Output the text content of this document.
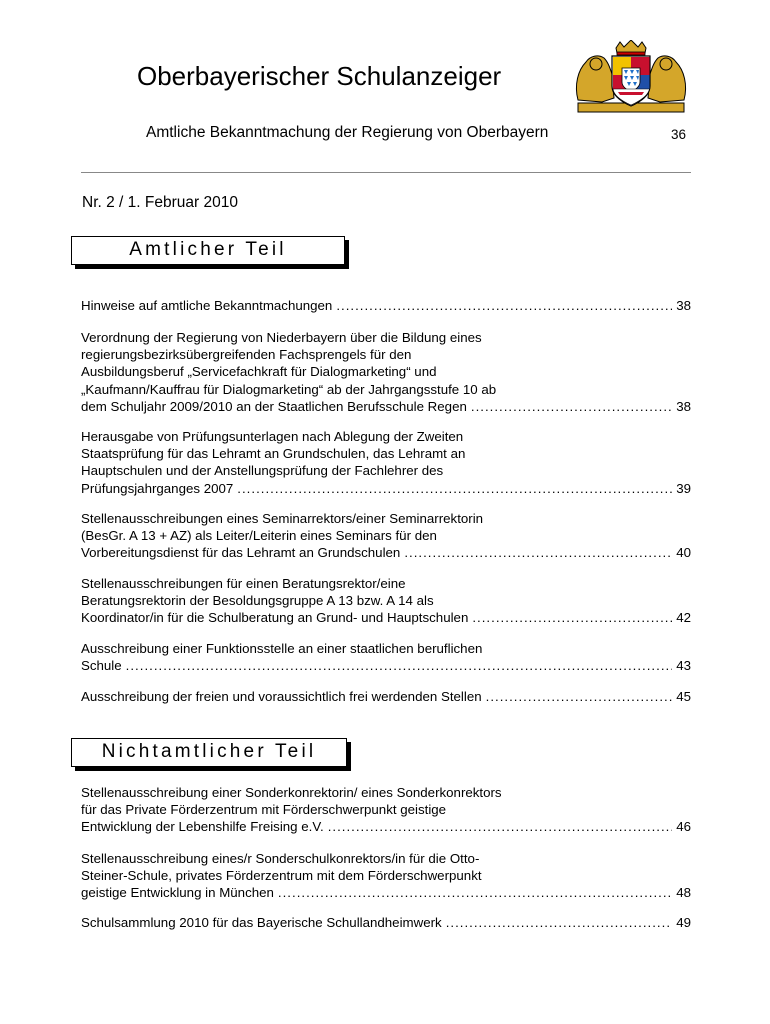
Oberbayerischer Schulanzeiger
Amtliche Bekanntmachung der Regierung von Oberbayern	36
Nr. 2 / 1. Februar 2010
Amtlicher Teil
Hinweise auf amtliche Bekanntmachungen .....	38
Verordnung der Regierung von Niederbayern über die Bildung eines
regierungsbezirksübergreifenden Fachsprengels für den
Ausbildungsberuf „Servicefachkraft für Dialogmarketing“ und
„Kaufmann/Kauffrau für Dialogmarketing“ ab der Jahrgangsstufe 10 ab
dem Schuljahr 2009/2010 an der Staatlichen Berufsschule Regen .....	38
Herausgabe von Prüfungsunterlagen nach Ablegung der Zweiten
Staatsprüfung für das Lehramt an Grundschulen, das Lehramt an
Hauptschulen und der Anstellungsprüfung der Fachlehrer des
Prüfungsjahrganges 2007 .....	39
Stellenausschreibungen eines Seminarrektors/einer Seminarrektorin
(BesGr. A 13 + AZ) als Leiter/Leiterin eines Seminars für den
Vorbereitungsdienst für das Lehramt an Grundschulen .....	40
Stellenausschreibungen für einen Beratungsrektor/eine
Beratungsrektorin der Besoldungsgruppe A 13 bzw. A 14 als
Koordinator/in für die Schulberatung an Grund- und Hauptschulen .....	42
Ausschreibung einer Funktionsstelle an einer staatlichen beruflichen
Schule .....	43
Ausschreibung der freien und voraussichtlich frei werdenden Stellen .....	45
Nichtamtlicher Teil
Stellenausschreibung einer Sonderkonrektorin/ eines Sonderkonrektors
für das Private Förderzentrum mit Förderschwerpunkt geistige
Entwicklung der Lebenshilfe Freising e.V. .....	46
Stellenausschreibung eines/r Sonderschulkonrektors/in für die Otto-
Steiner-Schule, privates Förderzentrum mit dem Förderschwerpunkt
geistige Entwicklung in München .....	48
Schulsammlung 2010 für das Bayerische Schullandheimwerk .....	49
